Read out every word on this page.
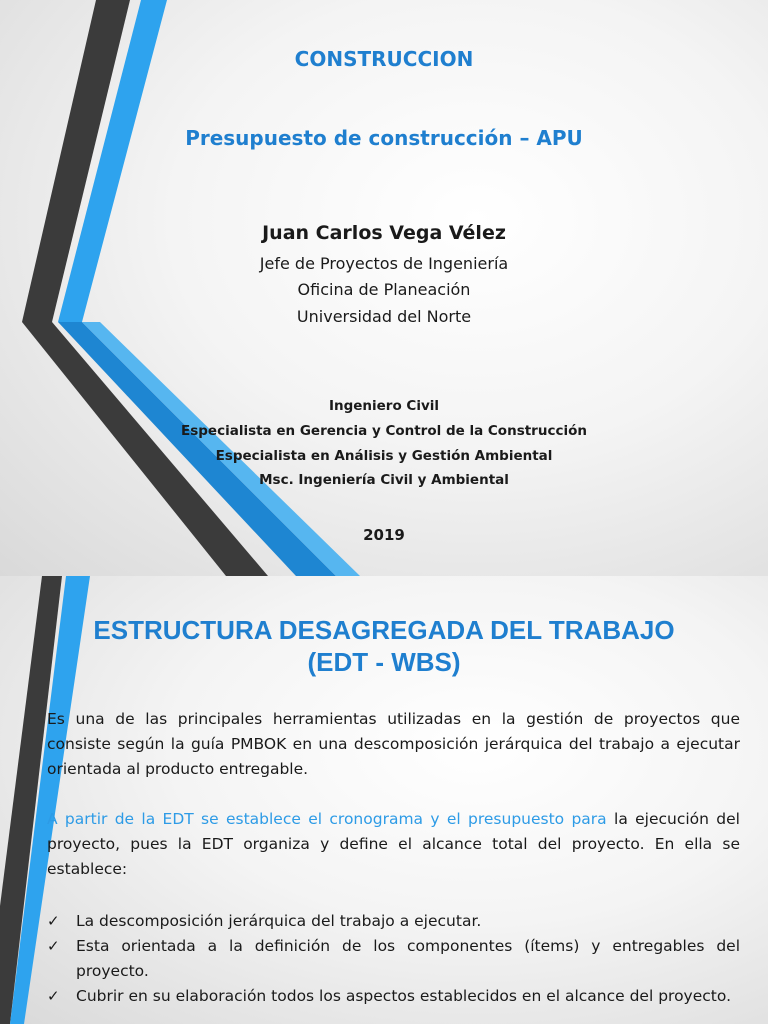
CONSTRUCCION

Presupuesto de construcción – APU

Juan Carlos Vega Vélez

Jefe de Proyectos de Ingeniería

Oficina de Planeación

Universidad del Norte

Ingeniero Civil

Especialista en Gerencia y Control de la Construcción

Especialista en Análisis y Gestión Ambiental

Msc. Ingeniería Civil y Ambiental

2019

ESTRUCTURA DESAGREGADA DEL TRABAJO

(EDT - WBS)

Es una de las principales herramientas utilizadas en la gestión de proyectos que consiste según la guía PMBOK en una descomposición jerárquica del trabajo a ejecutar orientada al producto entregable.

A partir de la EDT se establece el cronograma y el presupuesto para la ejecución del proyecto, pues la EDT organiza y define el alcance total del proyecto. En ella se establece:

✓ La descomposición jerárquica del trabajo a ejecutar.
✓ Esta orientada a la definición de los componentes (ítems) y entregables del proyecto.
✓ Cubrir en su elaboración todos los aspectos establecidos en el alcance del proyecto.
